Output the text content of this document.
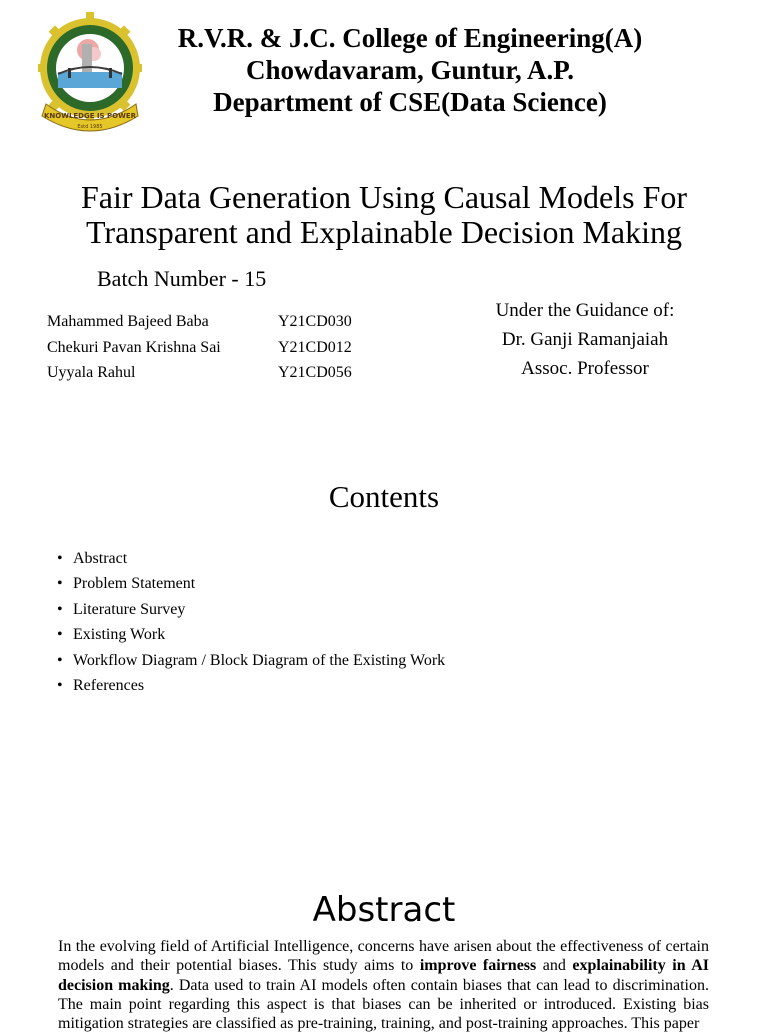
KNOWLEDGE IS POWER
Estd 1985
R.V.R. & J.C. College of Engineering(A)
Chowdavaram, Guntur, A.P.
Department of CSE(Data Science)
Fair Data Generation Using Causal Models For
Transparent and Explainable Decision Making
Batch Number - 15
Mahammed Bajeed Baba	Y21CD030
Chekuri Pavan Krishna Sai	Y21CD012
Uyyala Rahul	Y21CD056
Under the Guidance of:
Dr. Ganji Ramanjaiah
Assoc. Professor
Contents
• Abstract
• Problem Statement
• Literature Survey
• Existing Work
• Workflow Diagram / Block Diagram of the Existing Work
• References
Abstract
In the evolving field of Artificial Intelligence, concerns have arisen about the effectiveness of certain models and their potential biases. This study aims to improve fairness and explainability in AI decision making. Data used to train AI models often contain biases that can lead to discrimination. The main point regarding this aspect is that biases can be inherited or introduced. Existing bias mitigation strategies are classified as pre-training, training, and post-training approaches. This paper
